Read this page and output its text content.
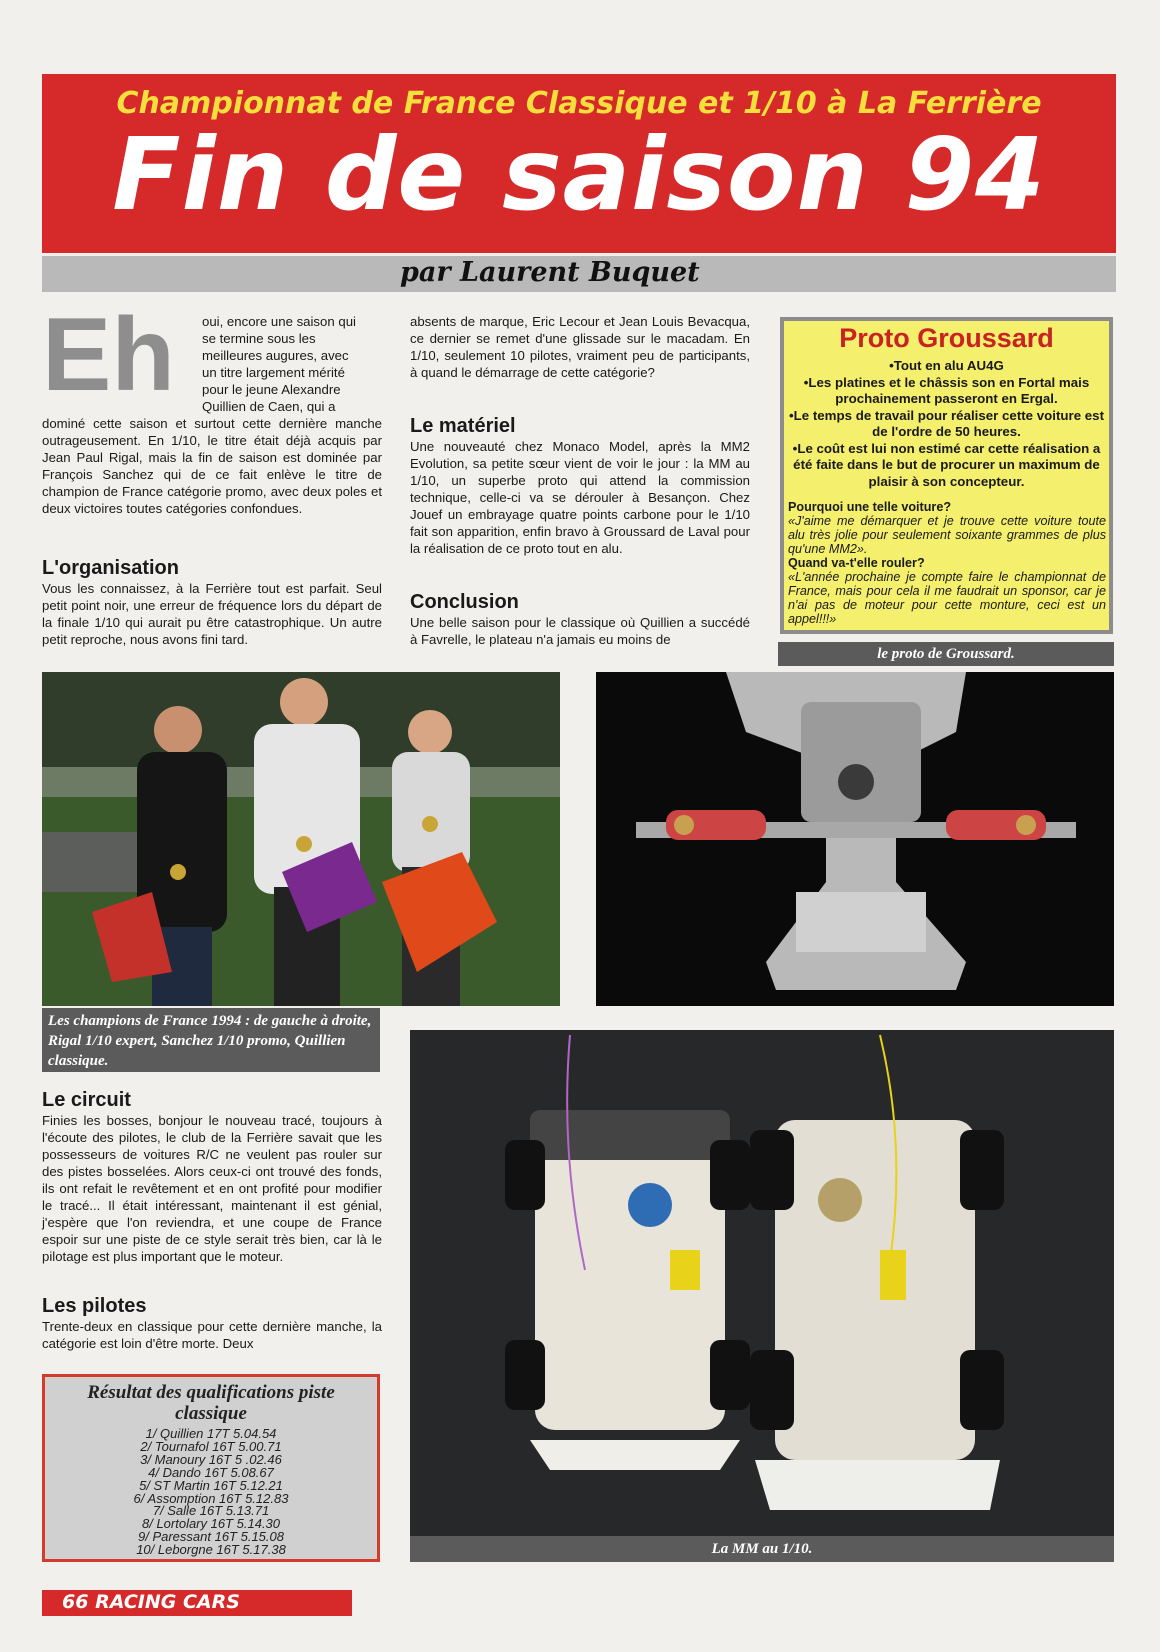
Championnat de France Classique et 1/10 à La Ferrière
Fin de saison 94
par Laurent Buquet
Eh oui, encore une saison qui

se termine sous les

meilleures augures, avec

un titre largement mérité

pour le jeune Alexandre

Quillien de Caen, qui a

dominé cette saison et surtout cette dernière manche outrageusement. En 1/10, le titre était déjà acquis par Jean Paul Rigal, mais la fin de saison est dominée par François Sanchez qui de ce fait enlève le titre de champion de France catégorie promo, avec deux poles et deux victoires toutes catégories confondues.
L'organisation
Vous les connaissez, à la Ferrière tout est parfait. Seul petit point noir, une erreur de fréquence lors du départ de la finale 1/10 qui aurait pu être catastrophique. Un autre petit reproche, nous avons fini tard.
absents de marque, Eric Lecour et Jean Louis Bevacqua, ce dernier se remet d'une glissade sur le macadam. En 1/10, seulement 10 pilotes, vraiment peu de participants, à quand le démarrage de cette catégorie?
Le matériel
Une nouveauté chez Monaco Model, après la MM2 Evolution, sa petite sœur vient de voir le jour : la MM au 1/10, un superbe proto qui attend la commission technique, celle-ci va se dérouler à Besançon. Chez Jouef un embrayage quatre points carbone pour le 1/10 fait son apparition, enfin bravo à Groussard de Laval pour la réalisation de ce proto tout en alu.
Conclusion
Une belle saison pour le classique où Quillien a succédé à Favrelle, le plateau n'a jamais eu moins de
Proto Groussard
•Tout en alu AU4G
•Les platines et le châssis son en Fortal mais prochainement passeront en Ergal.
•Le temps de travail pour réaliser cette voiture est de l'ordre de 50 heures.
•Le coût est lui non estimé car cette réalisation a été faite dans le but de procurer un maximum de plaisir à son concepteur.
Pourquoi une telle voiture?
«J'aime me démarquer et je trouve cette voiture toute alu très jolie pour seulement soixante grammes de plus qu'une MM2».
Quand va-t'elle rouler?
«L'année prochaine je compte faire le championnat de France, mais pour cela il me faudrait un sponsor, car je n'ai pas de moteur pour cette monture, ceci est un appel!!!»
le proto de Groussard.
Les champions de France 1994 : de gauche à droite, Rigal 1/10 expert, Sanchez 1/10 promo, Quillien classique.
La MM au 1/10.
Le circuit
Finies les bosses, bonjour le nouveau tracé, toujours à l'écoute des pilotes, le club de la Ferrière savait que les possesseurs de voitures R/C ne veulent pas rouler sur des pistes bosselées. Alors ceux-ci ont trouvé des fonds, ils ont refait le revêtement et en ont profité pour modifier le tracé... Il était intéressant, maintenant il est génial, j'espère que l'on reviendra, et une coupe de France espoir sur une piste de ce style serait très bien, car là le pilotage est plus important que le moteur.
Les pilotes
Trente-deux en classique pour cette dernière manche, la catégorie est loin d'être morte. Deux
Résultat des qualifications piste classique
1/ Quillien 17T 5.04.54
2/ Tournafol 16T 5.00.71
3/ Manoury 16T 5 .02.46
4/ Dando 16T 5.08.67
5/ ST Martin 16T 5.12.21
6/ Assomption 16T 5.12.83
7/ Salle 16T 5.13.71
8/ Lortolary 16T 5.14.30
9/ Paressant 16T 5.15.08
10/ Leborgne 16T 5.17.38
66 RACING CARS
